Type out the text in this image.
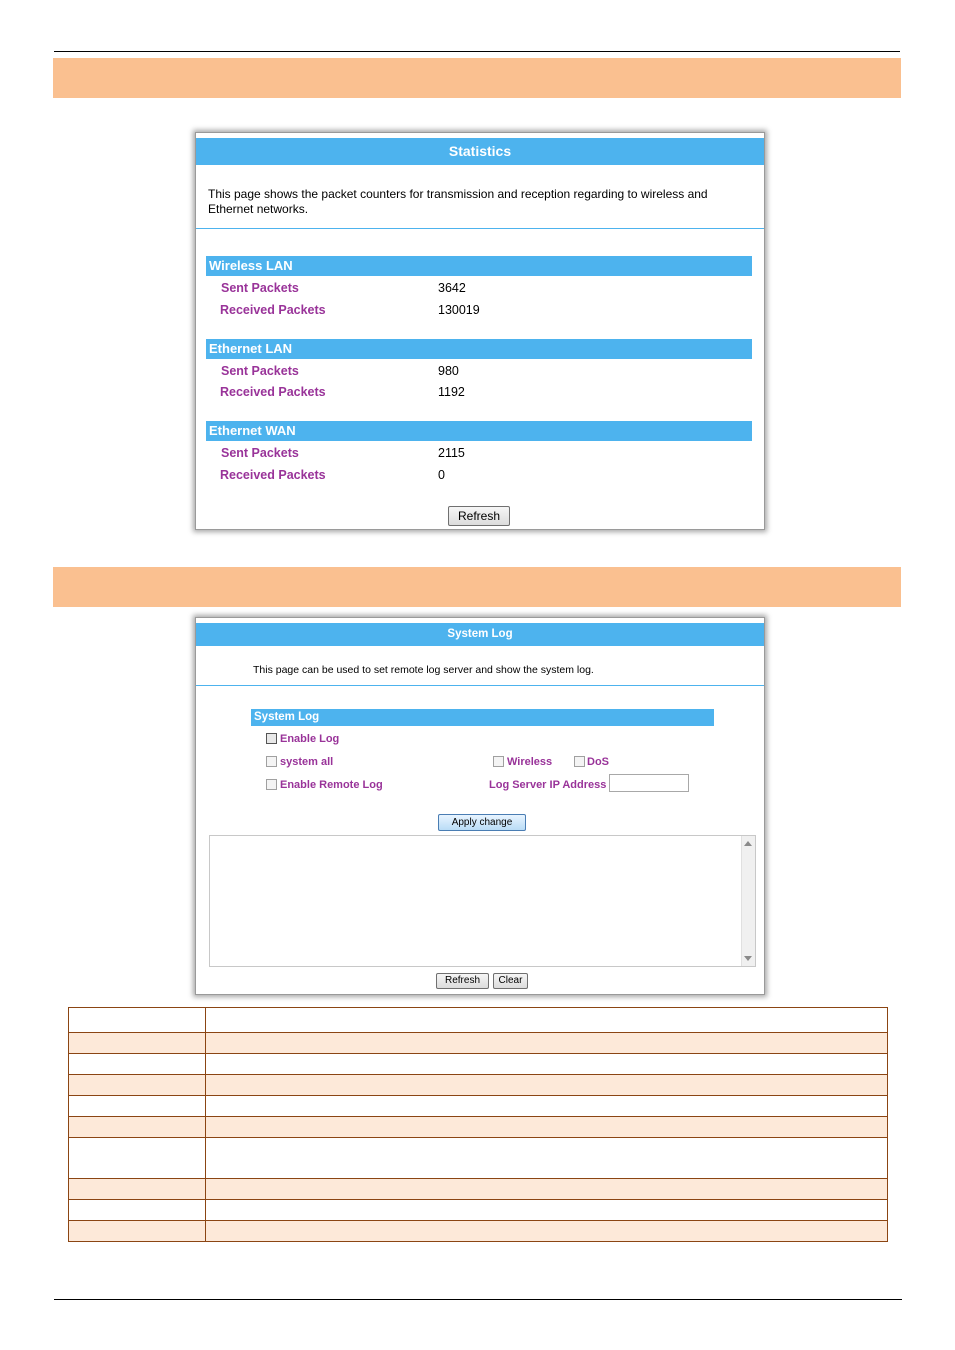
Statistics
This page shows the packet counters for transmission and reception regarding to wireless and Ethernet networks.
Wireless LAN
Sent Packets	3642
Received Packets	130019
Ethernet LAN
Sent Packets	980
Received Packets	1192
Ethernet WAN
Sent Packets	2115
Received Packets	0
Refresh
System Log
This page can be used to set remote log server and show the system log.
System Log
Enable Log
system all	Wireless	DoS
Enable Remote Log	Log Server IP Address
Apply change
Refresh	Clear
